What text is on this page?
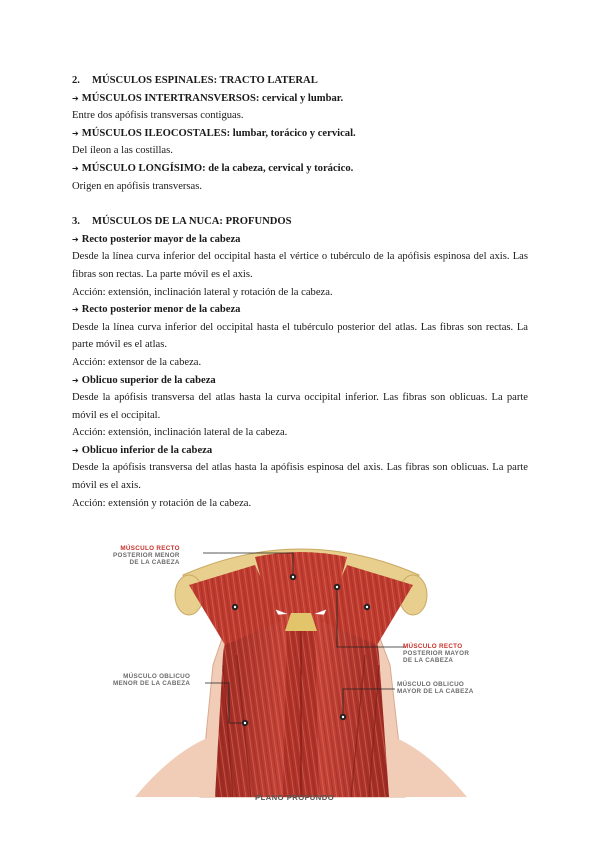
2. MÚSCULOS ESPINALES: TRACTO LATERAL

➔ MÚSCULOS INTERTRANSVERSOS: cervical y lumbar.

Entre dos apófisis transversas contiguas.

➔ MÚSCULOS ILEOCOSTALES: lumbar, torácico y cervical.

Del íleon a las costillas.

➔ MÚSCULO LONGÍSIMO: de la cabeza, cervical y torácico.

Origen en apófisis transversas.

3. MÚSCULOS DE LA NUCA: PROFUNDOS

➔ Recto posterior mayor de la cabeza

Desde la línea curva inferior del occipital hasta el vértice o tubérculo de la apófisis espinosa del axis. Las fibras son rectas. La parte móvil es el axis.

Acción: extensión, inclinación lateral y rotación de la cabeza.

➔ Recto posterior menor de la cabeza

Desde la línea curva inferior del occipital hasta el tubérculo posterior del atlas. Las fibras son rectas. La parte móvil es el atlas.

Acción: extensor de la cabeza.

➔ Oblicuo superior de la cabeza

Desde la apófisis transversa del atlas hasta la curva occipital inferior. Las fibras son oblicuas. La parte móvil es el occipital.

Acción: extensión, inclinación lateral de la cabeza.

➔ Oblicuo inferior de la cabeza

Desde la apófisis transversa del atlas hasta la apófisis espinosa del axis. Las fibras son oblicuas. La parte móvil es el axis.

Acción: extensión y rotación de la cabeza.

MÚSCULO RECTO
POSTERIOR MENOR
DE LA CABEZA
MÚSCULO RECTO
POSTERIOR MAYOR
DE LA CABEZA
MÚSCULO OBLICUO
MENOR DE LA CABEZA	MÚSCULO OBLICUO
MAYOR DE LA CABEZA
PLANO PROFUNDO
